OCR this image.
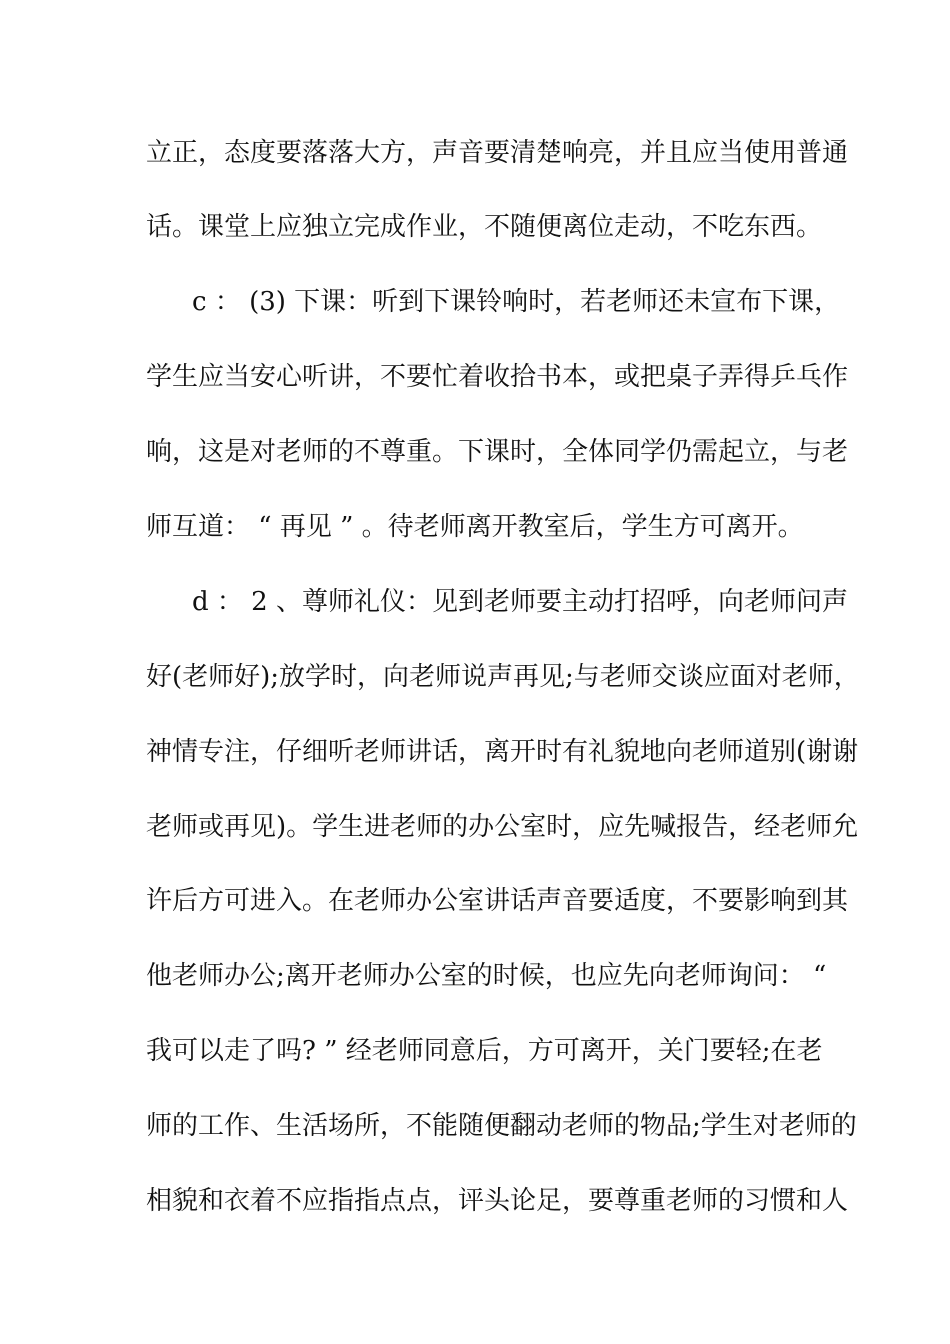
立正，态度要落落大方，声音要清楚响亮，并且应当使用普通
话。课堂上应独立完成作业，不随便离位走动，不吃东西。
c ： (3) 下课：听到下课铃响时，若老师还未宣布下课，
学生应当安心听讲，不要忙着收拾书本，或把桌子弄得乒乓作
响，这是对老师的不尊重。下课时，全体同学仍需起立，与老
师互道： “ 再见 ” 。待老师离开教室后，学生方可离开。
d ： 2 、尊师礼仪：见到老师要主动打招呼，向老师问声
好(老师好);放学时，向老师说声再见;与老师交谈应面对老师，
神情专注，仔细听老师讲话，离开时有礼貌地向老师道别(谢谢
老师或再见)。学生进老师的办公室时，应先喊报告，经老师允
许后方可进入。在老师办公室讲话声音要适度，不要影响到其
他老师办公;离开老师办公室的时候，也应先向老师询问： “
我可以走了吗? ” 经老师同意后，方可离开，关门要轻;在老
师的工作、生活场所，不能随便翻动老师的物品;学生对老师的
相貌和衣着不应指指点点，评头论足，要尊重老师的习惯和人
